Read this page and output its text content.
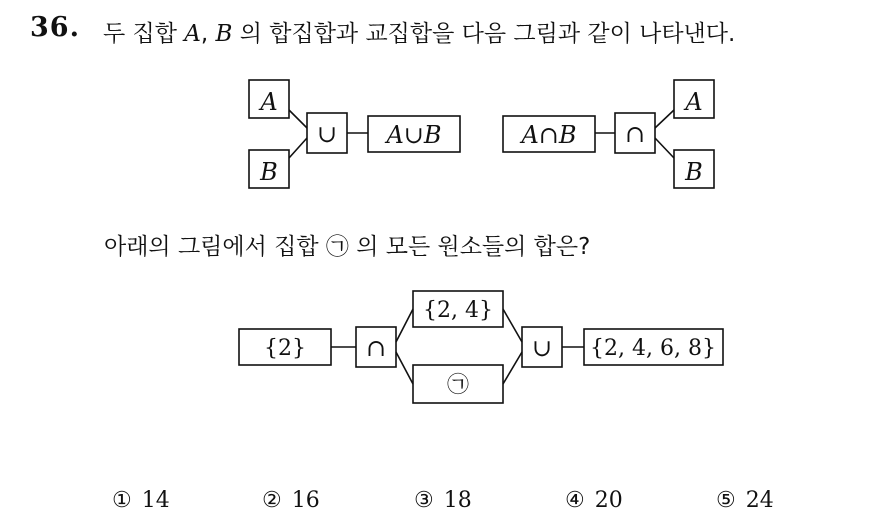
36. 두 집합 A, B 의 합집합과 교집합을 다음 그림과 같이 나타낸다.
A
B
∪ A∪B	A∩B ∩
A
B
{2} ∩
{2, 4}
㉠
∪ {2, 4, 6, 8}
아래의 그림에서 집합 ㉠ 의 모든 원소들의 합은?
① 14	② 16	③ 18	④ 20	⑤ 24
